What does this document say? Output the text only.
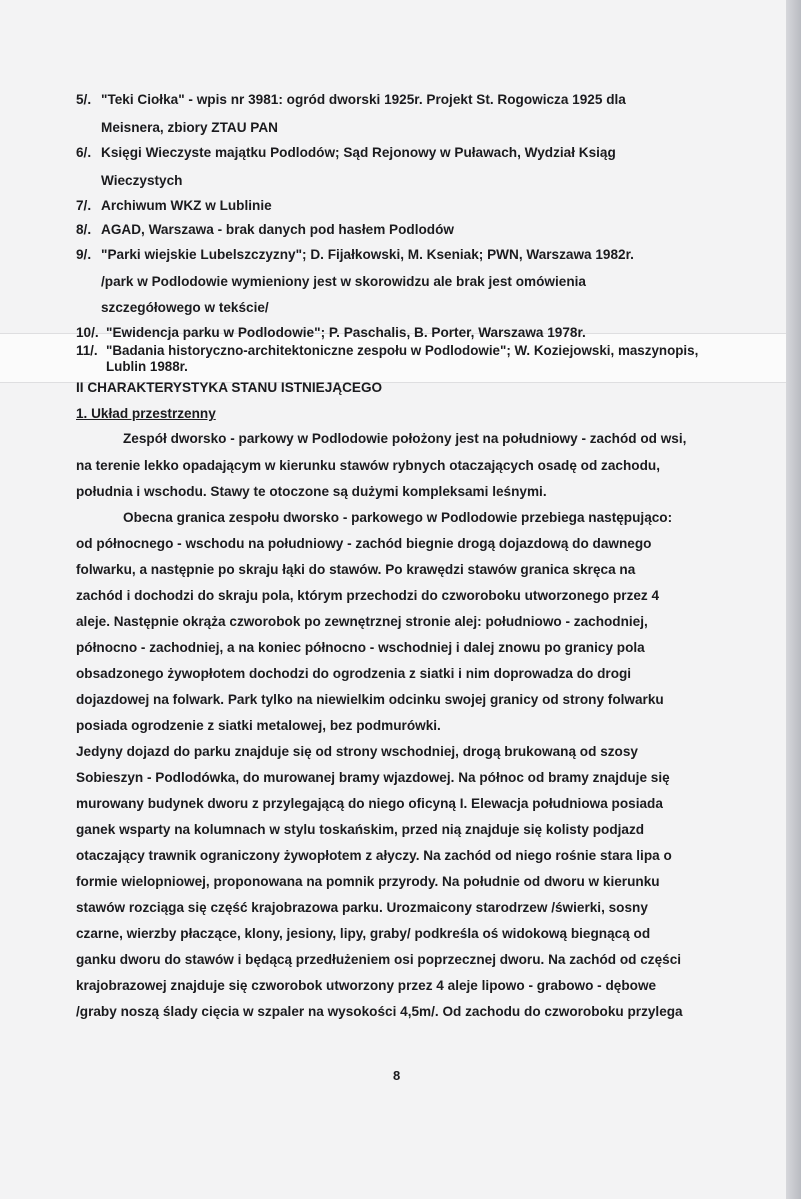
5/. "Teki Ciołka" - wpis nr 3981: ogród dworski 1925r. Projekt St. Rogowicza 1925 dla
Meisnera, zbiory ZTAU PAN
6/. Księgi Wieczyste majątku Podlodów; Sąd Rejonowy w Puławach, Wydział Ksiąg
Wieczystych
7/. Archiwum WKZ w Lublinie
8/. AGAD, Warszawa - brak danych pod hasłem Podlodów
9/. "Parki wiejskie Lubelszczyzny"; D. Fijałkowski, M. Kseniak; PWN, Warszawa 1982r.
/park w Podlodowie wymieniony jest w skorowidzu ale brak jest omówienia
szczegółowego w tekście/
10/. "Ewidencja parku w Podlodowie"; P. Paschalis, B. Porter, Warszawa 1978r.
11/. "Badania historyczno-architektoniczne zespołu w Podlodowie"; W. Koziejowski, maszynopis,
Lublin 1988r.
II CHARAKTERYSTYKA STANU ISTNIEJĄCEGO
1. Układ przestrzenny
Zespół dworsko - parkowy w Podlodowie położony jest na południowy - zachód od wsi,
na terenie lekko opadającym w kierunku stawów rybnych otaczających osadę od zachodu,
południa i wschodu. Stawy te otoczone są dużymi kompleksami leśnymi.
Obecna granica zespołu dworsko - parkowego w Podlodowie przebiega następująco:
od północnego - wschodu na południowy - zachód biegnie drogą dojazdową do dawnego
folwarku, a następnie po skraju łąki do stawów. Po krawędzi stawów granica skręca na
zachód i dochodzi do skraju pola, którym przechodzi do czworoboku utworzonego przez 4
aleje. Następnie okrąża czworobok po zewnętrznej stronie alej: południowo - zachodniej,
północno - zachodniej, a na koniec północno - wschodniej i dalej znowu po granicy pola
obsadzonego żywopłotem dochodzi do ogrodzenia z siatki i nim doprowadza do drogi
dojazdowej na folwark. Park tylko na niewielkim odcinku swojej granicy od strony folwarku
posiada ogrodzenie z siatki metalowej, bez podmurówki.
Jedyny dojazd do parku znajduje się od strony wschodniej, drogą brukowaną od szosy
Sobieszyn - Podlodówka, do murowanej bramy wjazdowej. Na północ od bramy znajduje się
murowany budynek dworu z przylegającą do niego oficyną I. Elewacja południowa posiada
ganek wsparty na kolumnach w stylu toskańskim, przed nią znajduje się kolisty podjazd
otaczający trawnik ograniczony żywopłotem z ałyczy. Na zachód od niego rośnie stara lipa o
formie wielopniowej, proponowana na pomnik przyrody. Na południe od dworu w kierunku
stawów rozciąga się część krajobrazowa parku. Urozmaicony starodrzew /świerki, sosny
czarne, wierzby płaczące, klony, jesiony, lipy, graby/ podkreśla oś widokową biegnącą od
ganku dworu do stawów i będącą przedłużeniem osi poprzecznej dworu. Na zachód od części
krajobrazowej znajduje się czworobok utworzony przez 4 aleje lipowo - grabowo - dębowe
/graby noszą ślady cięcia w szpaler na wysokości 4,5m/. Od zachodu do czworoboku przylega
8
